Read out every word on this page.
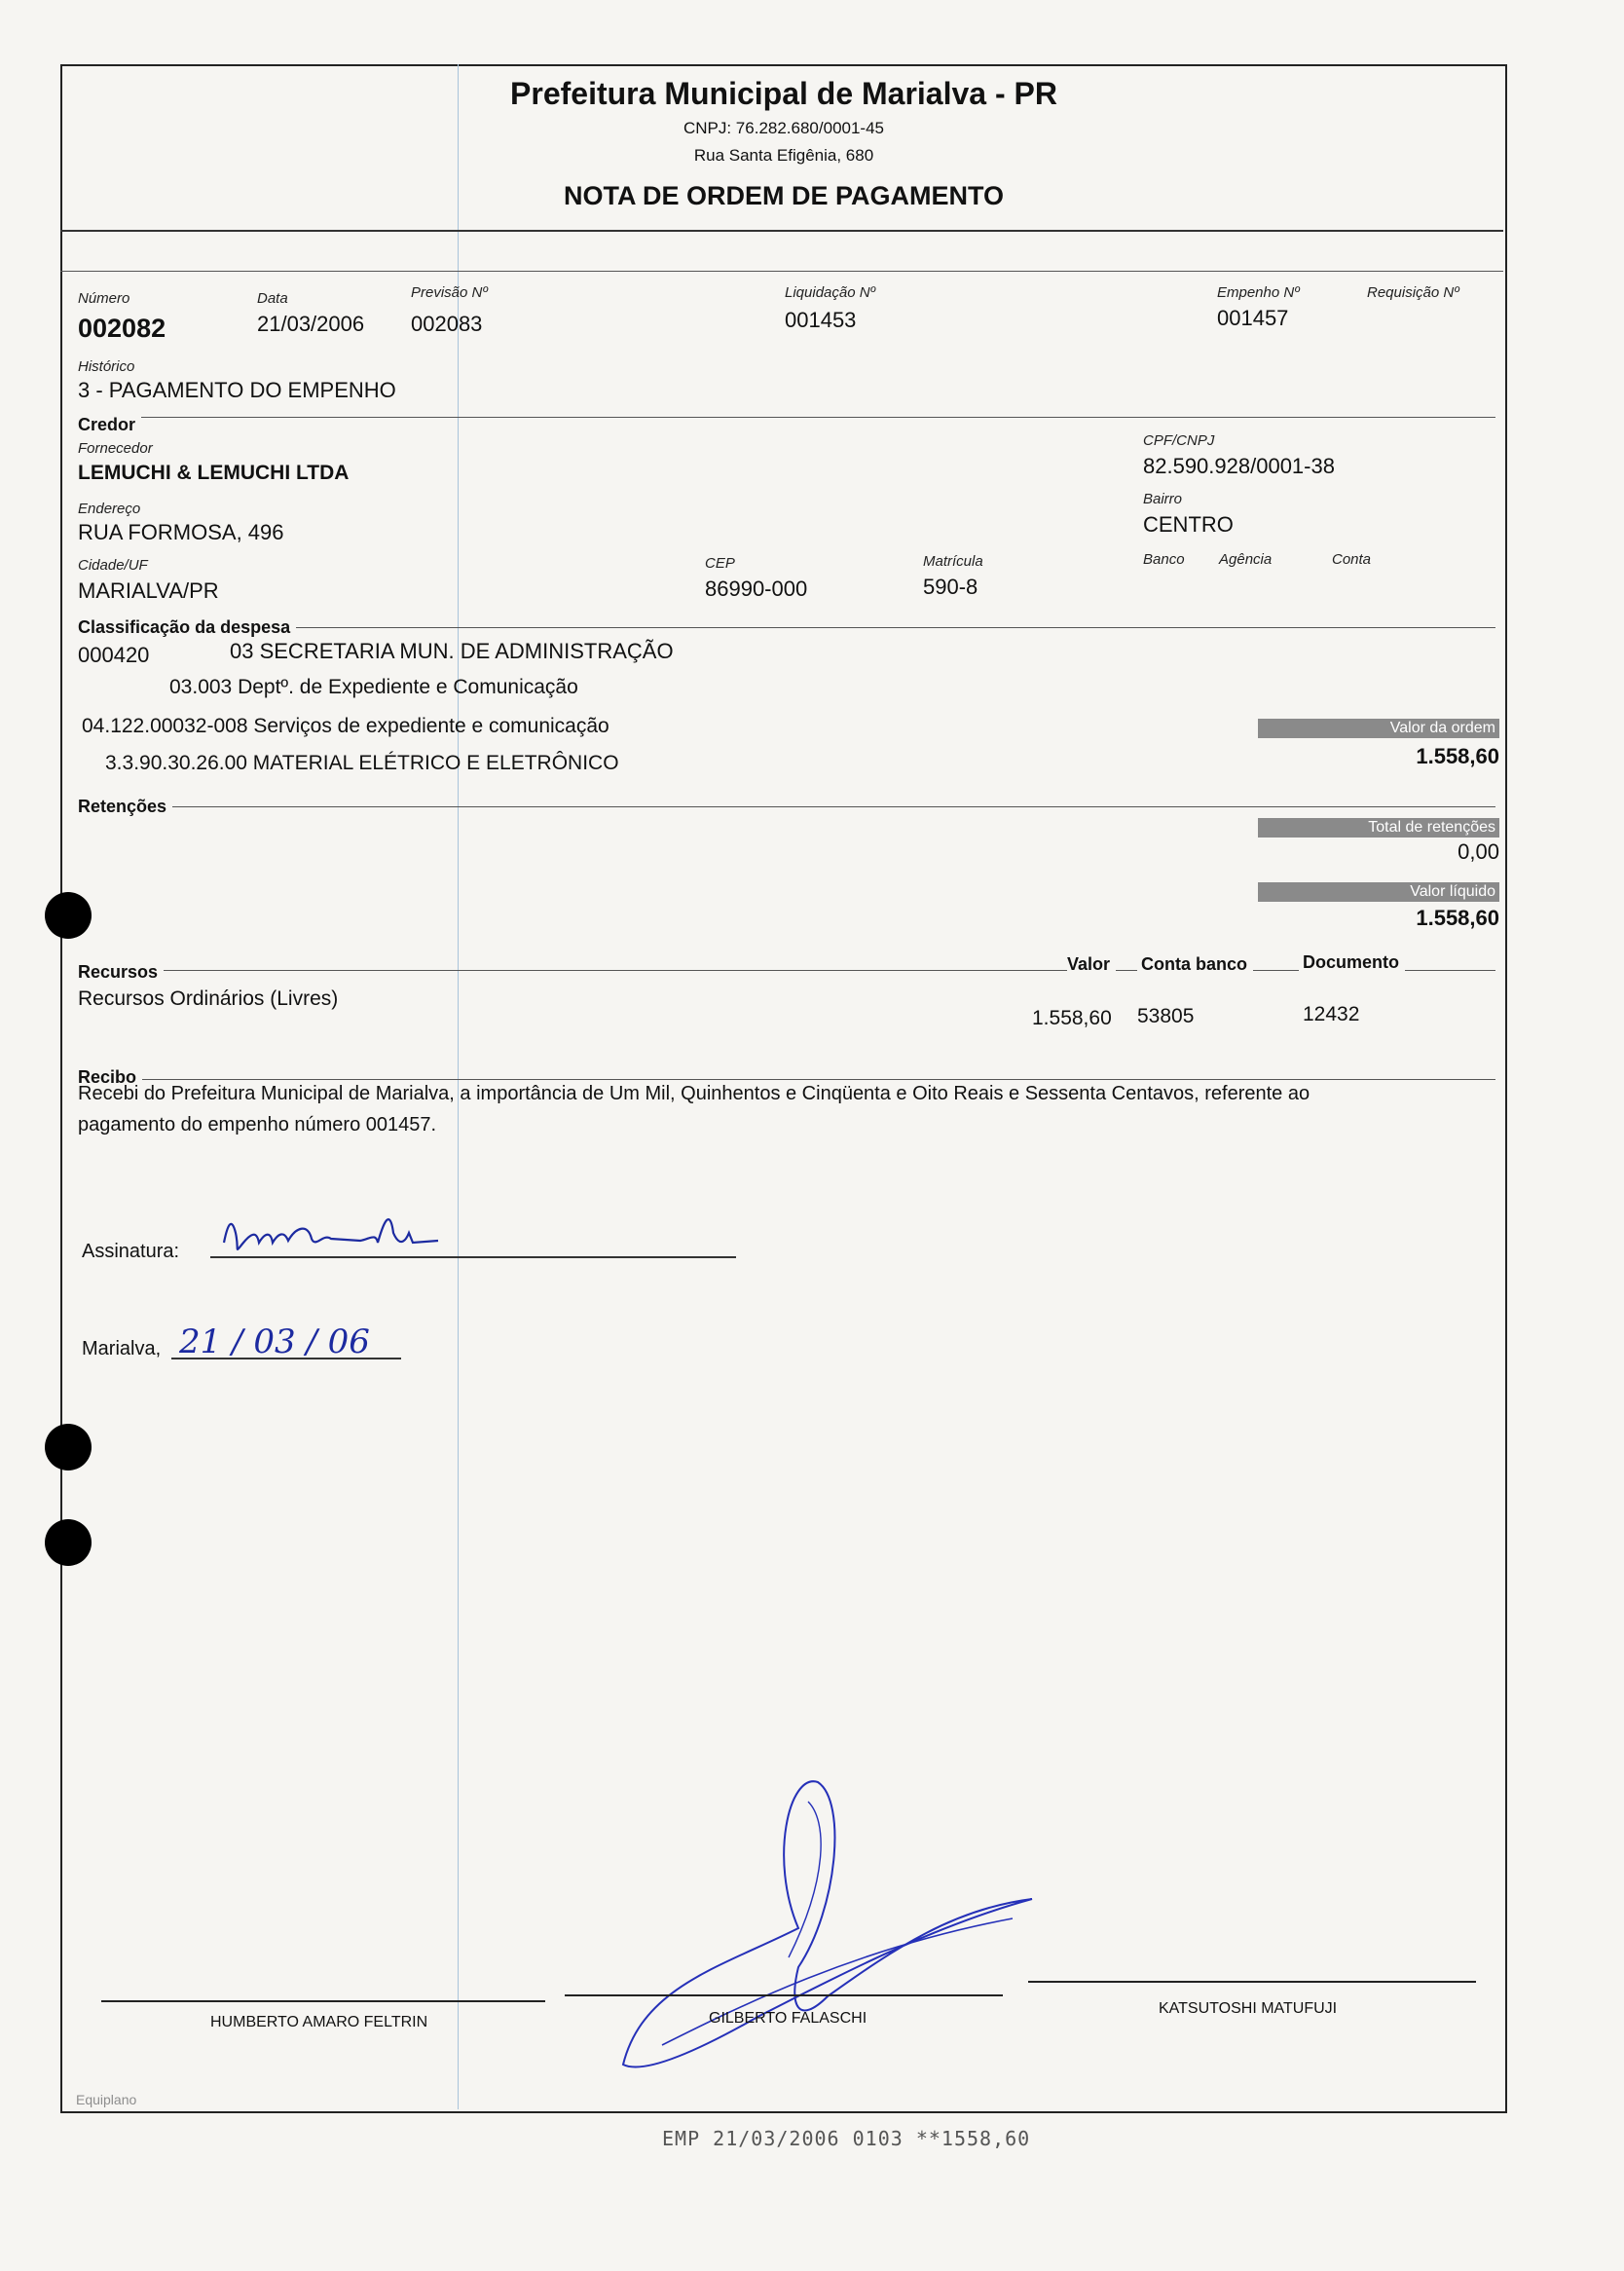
Prefeitura Municipal de Marialva - PR
CNPJ: 76.282.680/0001-45
Rua Santa Efigênia, 680
NOTA DE ORDEM DE PAGAMENTO
Número
002082
Data
21/03/2006
Previsão Nº
002083
Liquidação Nº
001453
Empenho Nº
001457
Requisição Nº
Histórico
3 - PAGAMENTO DO EMPENHO
Credor
Fornecedor
LEMUCHI & LEMUCHI LTDA
CPF/CNPJ
82.590.928/0001-38
Endereço
RUA FORMOSA, 496
Bairro
CENTRO
Cidade/UF
MARIALVA/PR
CEP
86990-000
Matrícula
590-8
Banco Agência	Conta
Classificação da despesa
000420	03 SECRETARIA MUN. DE ADMINISTRAÇÃO
03.003 Deptº. de Expediente e Comunicação
04.122.00032-008 Serviços de expediente e comunicação
3.3.90.30.26.00 MATERIAL ELÉTRICO E ELETRÔNICO
Valor da ordem
1.558,60
Retenções
Total de retenções
0,00
Valor líquido
1.558,60
Recursos	Valor	Conta banco	Documento
Recursos Ordinários (Livres)
1.558,60 53805	12432
Recibo
Recebi do Prefeitura Municipal de Marialva, a importância de Um Mil, Quinhentos e Cinqüenta e Oito Reais e Sessenta Centavos, referente ao
pagamento do empenho número 001457.
Assinatura:
Marialva, 21 / 03 / 06
HUMBERTO AMARO FELTRIN	GILBERTO FALASCHI
KATSUTOSHI MATUFUJI
Equiplano
EMP 21/03/2006 0103 **1558,60
